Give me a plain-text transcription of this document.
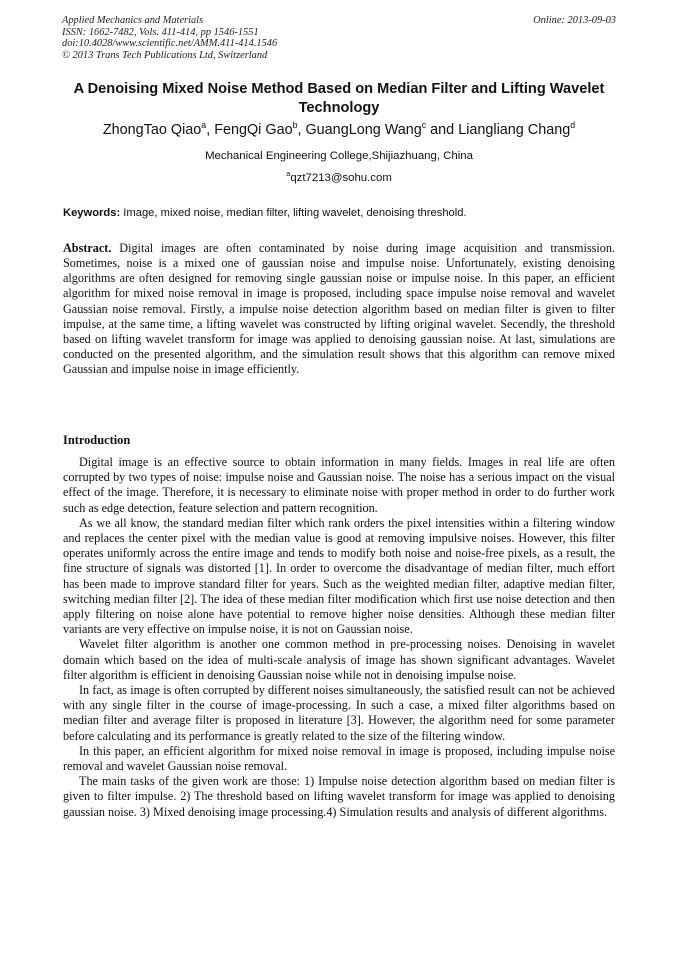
Applied Mechanics and Materials
ISSN: 1662-7482, Vols. 411-414, pp 1546-1551
doi:10.4028/www.scientific.net/AMM.411-414.1546
© 2013 Trans Tech Publications Ltd, Switzerland
Online: 2013-09-03
A Denoising Mixed Noise Method Based on Median Filter and Lifting Wavelet Technology
ZhongTao Qiao$^a$, FengQi Gao$^b$, GuangLong Wang$^c$ and Liangliang Chang$^d$
Mechanical Engineering College,Shijiazhuang, China
$^a$qzt7213@sohu.com
Keywords: Image, mixed noise, median filter, lifting wavelet, denoising threshold.

Abstract. Digital images are often contaminated by noise during image acquisition and transmission. Sometimes, noise is a mixed one of gaussian noise and impulse noise. Unfortunately, existing denoising algorithms are often designed for removing single gaussian noise or impulse noise. In this paper, an efficient algorithm for mixed noise removal in image is proposed, including space impulse noise removal and wavelet Gaussian noise removal. Firstly, a impulse noise detection algorithm based on median filter is given to filter impulse, at the same time, a lifting wavelet was constructed by lifting original wavelet. Secendly, the threshold based on lifting wavelet transform for image was applied to denoising gaussian noise. At last, simulations are conducted on the presented algorithm, and the simulation result shows that this algorithm can remove mixed Gaussian and impulse noise in image efficiently.

Introduction

Digital image is an effective source to obtain information in many fields. Images in real life are often corrupted by two types of noise: impulse noise and Gaussian noise. The noise has a serious impact on the visual effect of the image. Therefore, it is necessary to eliminate noise with proper method in order to do further work such as edge detection, feature selection and pattern recognition.

As we all know, the standard median filter which rank orders the pixel intensities within a filtering window and replaces the center pixel with the median value is good at removing impulsive noises. However, this filter operates uniformly across the entire image and tends to modify both noise and noise-free pixels, as a result, the fine structure of signals was distorted [1]. In order to overcome the disadvantage of median filter, much effort has been made to improve standard filter for years. Such as the weighted median filter, adaptive median filter, switching median filter [2]. The idea of these median filter modification which first use noise detection and then apply filtering on noise alone have potential to remove higher noise densities. Although these median filter variants are very effective on impulse noise, it is not on Gaussian noise.

Wavelet filter algorithm is another one common method in pre-processing noises. Denoising in wavelet domain which based on the idea of multi-scale analysis of image has shown significant advantages. Wavelet filter algorithm is efficient in denoising Gaussian noise while not in denoising impulse noise.

In fact, as image is often corrupted by different noises simultaneously, the satisfied result can not be achieved with any single filter in the course of image-processing. In such a case, a mixed filter algorithms based on median filter and average filter is proposed in literature [3]. However, the algorithm need for some parameter before calculating and its performance is greatly related to the size of the filtering window.

In this paper, an efficient algorithm for mixed noise removal in image is proposed, including impulse noise removal and wavelet Gaussian noise removal.

The main tasks of the given work are those: 1) Impulse noise detection algorithm based on median filter is given to filter impulse. 2) The threshold based on lifting wavelet transform for image was applied to denoising gaussian noise. 3) Mixed denoising image processing.4) Simulation results and analysis of different algorithms.
